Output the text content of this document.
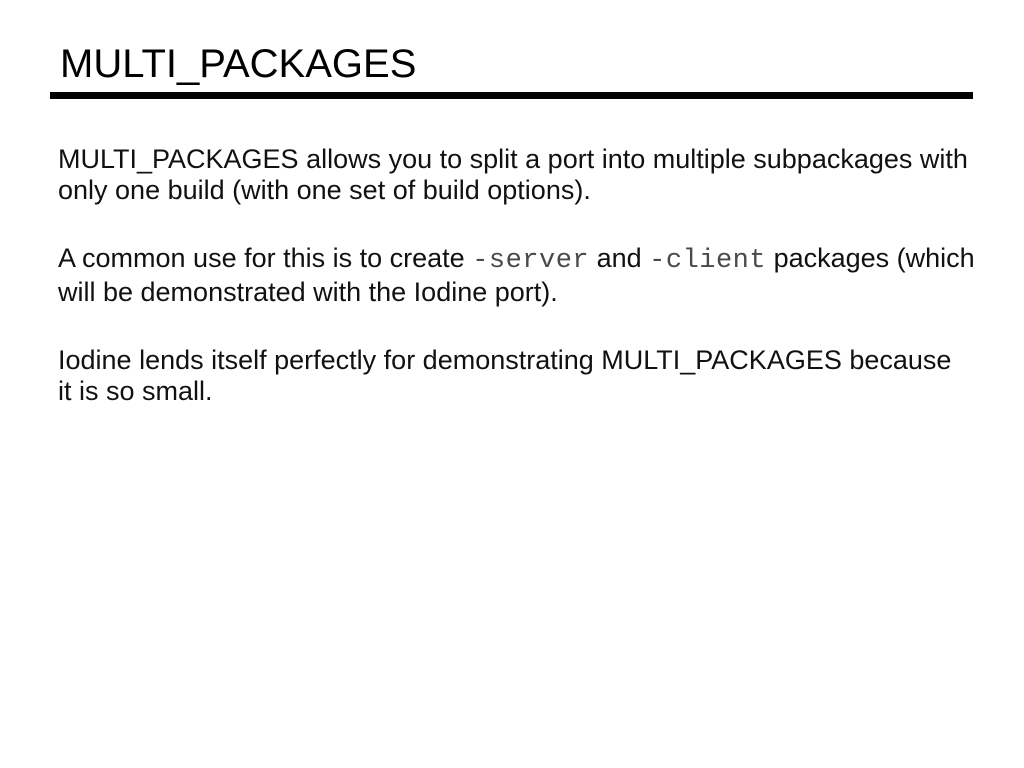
MULTI_PACKAGES

MULTI_PACKAGES allows you to split a port into multiple subpackages with
only one build (with one set of build options).

A common use for this is to create -server and -client packages (which
will be demonstrated with the Iodine port).

Iodine lends itself perfectly for demonstrating MULTI_PACKAGES because
it is so small.
